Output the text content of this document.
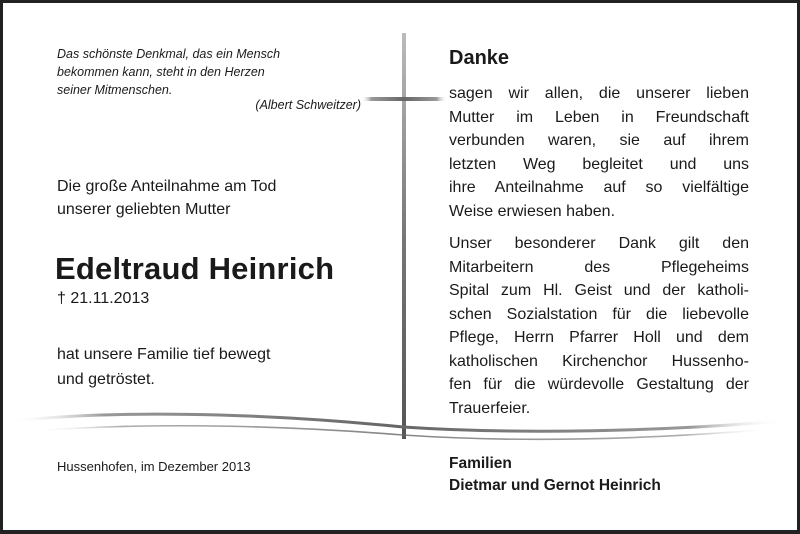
Das schönste Denkmal, das ein Mensch
bekommen kann, steht in den Herzen
seiner Mitmenschen.
(Albert Schweitzer)
Die große Anteilnahme am Tod
unserer geliebten Mutter
Edeltraud Heinrich
† 21.11.2013
hat unsere Familie tief bewegt
und getröstet.
Hussenhofen, im Dezember 2013
Danke
sagen wir allen, die unserer lieben
Mutter im Leben in Freundschaft
verbunden waren, sie auf ihrem
letzten Weg begleitet und uns
ihre Anteilnahme auf so vielfältige
Weise erwiesen haben.
Unser besonderer Dank gilt den
Mitarbeitern des Pflegeheims
Spital zum Hl. Geist und der katholi-
schen Sozialstation für die liebevolle
Pflege, Herrn Pfarrer Holl und dem
katholischen Kirchenchor Hussenho-
fen für die würdevolle Gestaltung der
Trauerfeier.
Familien
Dietmar und Gernot Heinrich
